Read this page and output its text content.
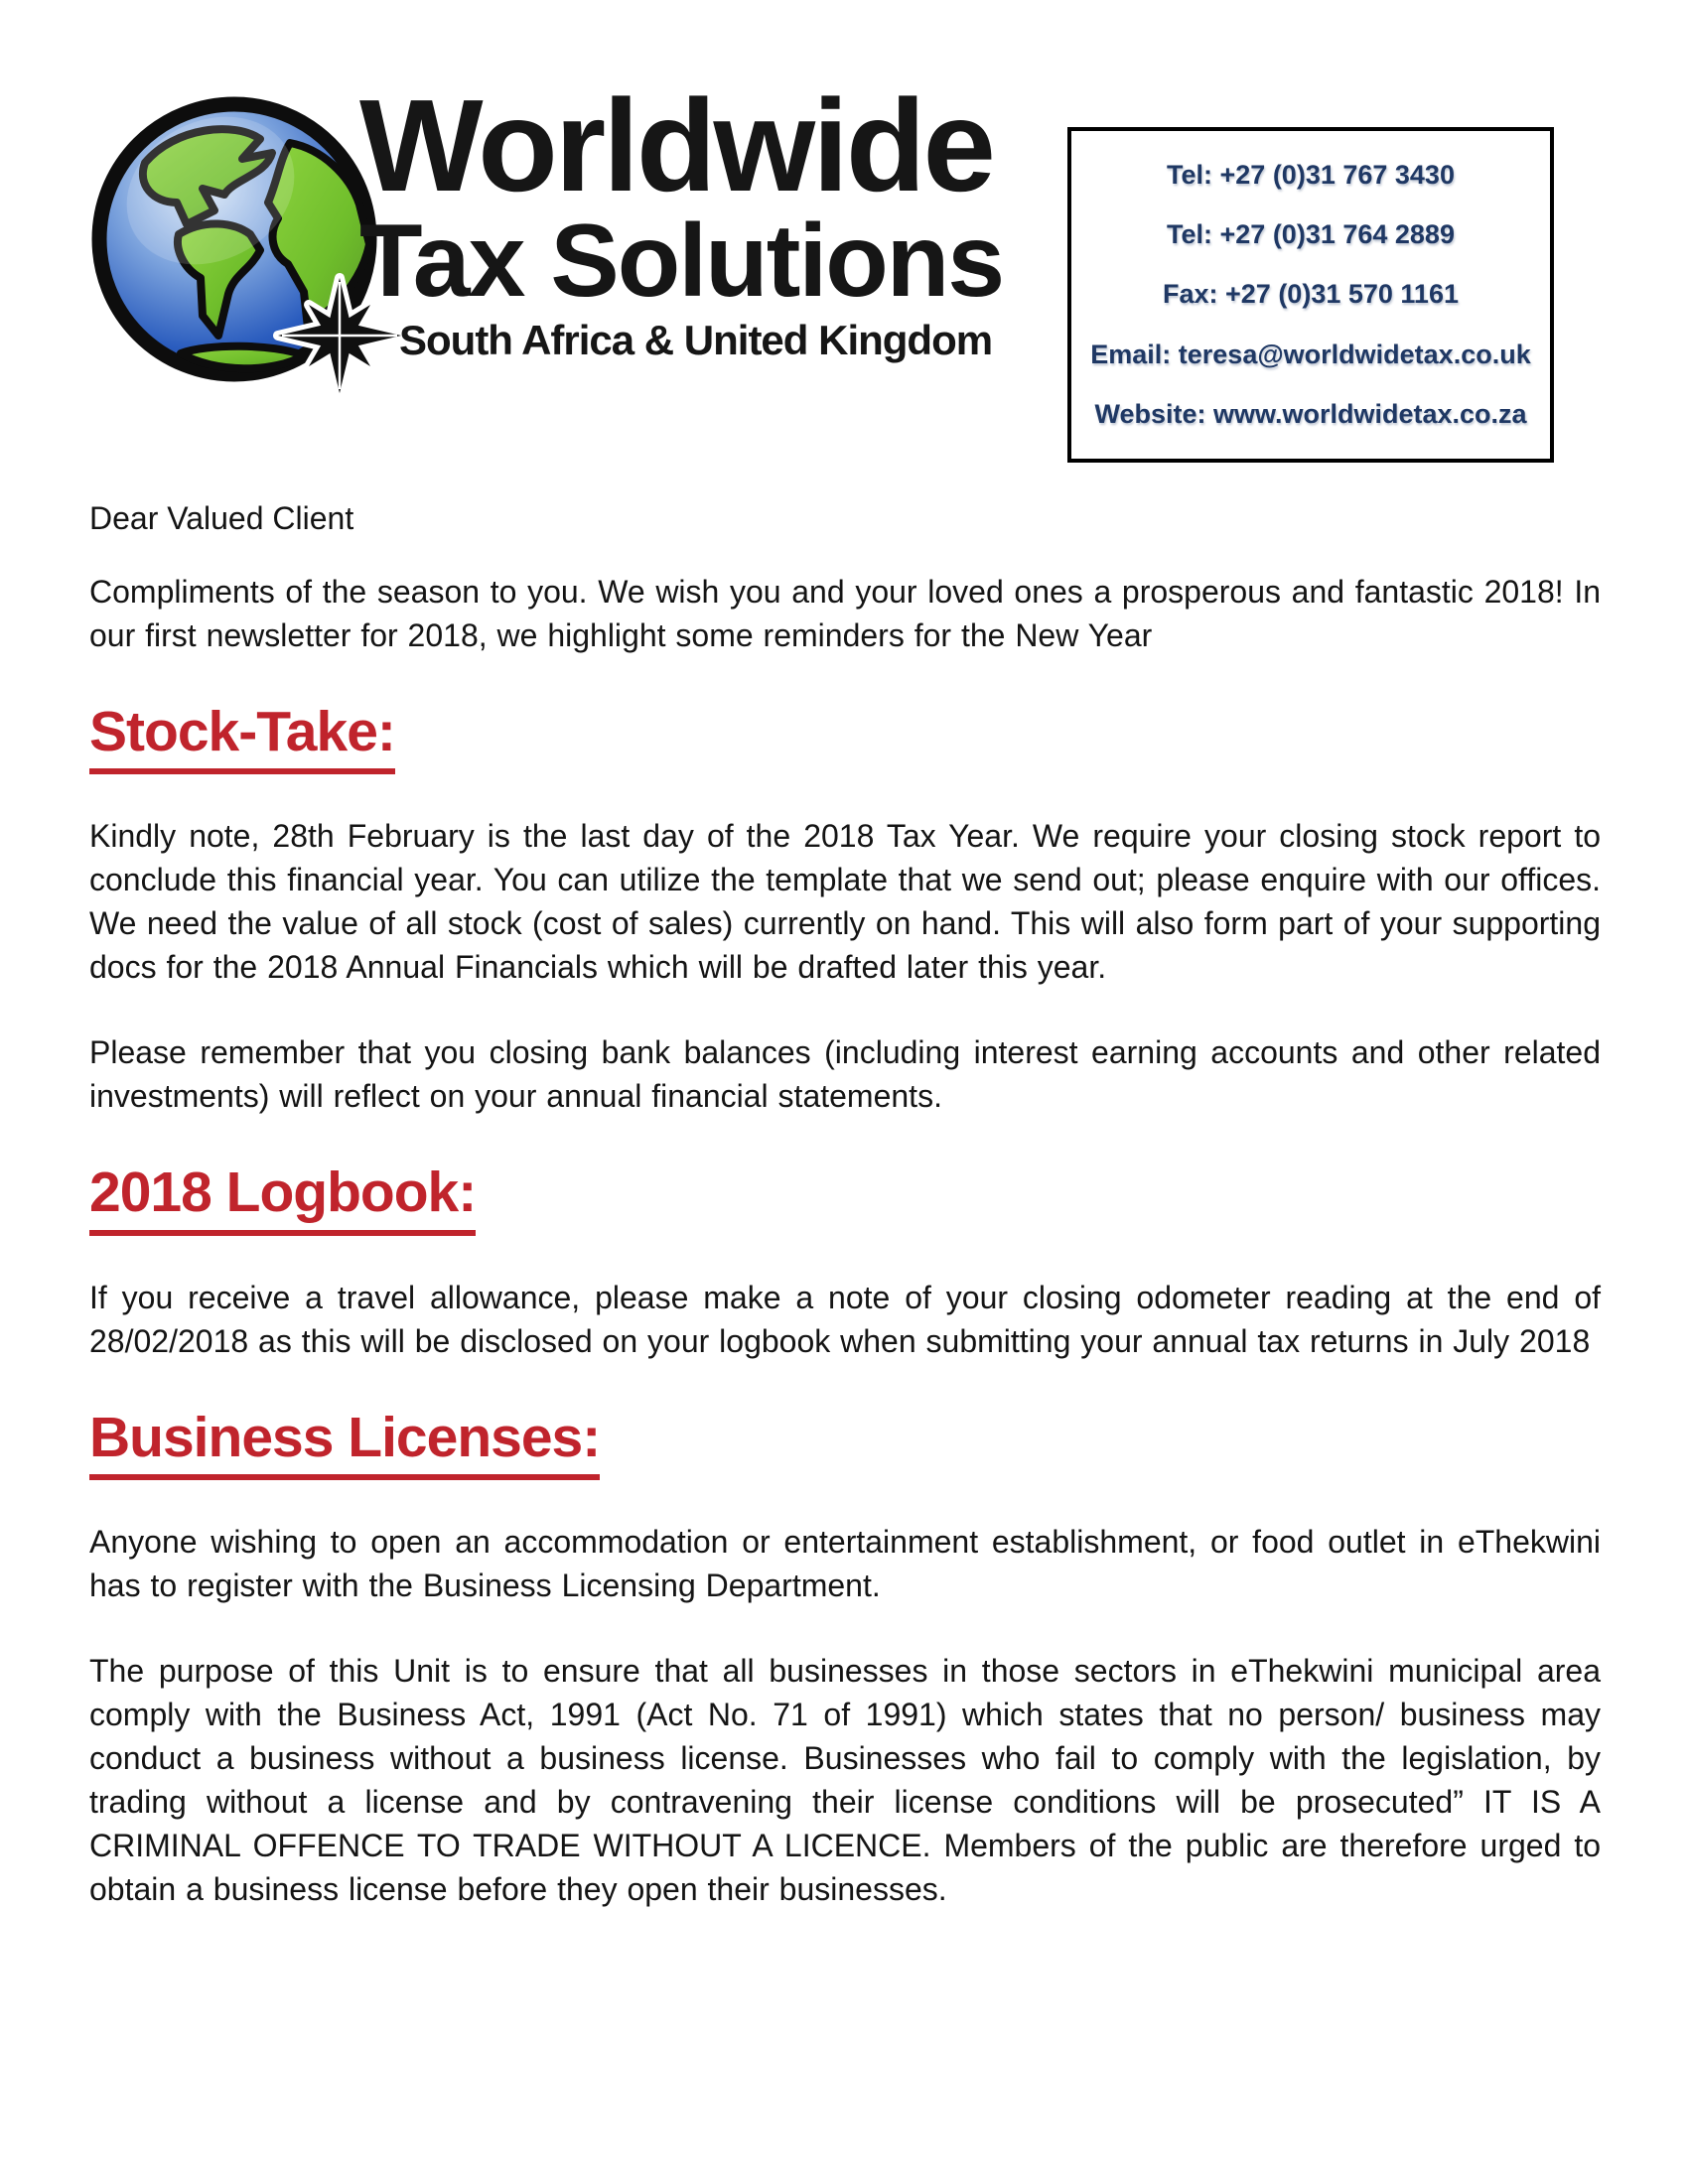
Worldwide
Tax Solutions
South Africa & United Kingdom
Tel: +27 (0)31 767 3430
Tel: +27 (0)31 764 2889
Fax: +27 (0)31 570 1161
Email: teresa@worldwidetax.co.uk
Website: www.worldwidetax.co.za

Dear Valued Client

Compliments of the season to you. We wish you and your loved ones a prosperous and fantastic 2018! In our first newsletter for 2018, we highlight some reminders for the New Year

Stock-Take:

Kindly note, 28th February is the last day of the 2018 Tax Year. We require your closing stock report to conclude this financial year. You can utilize the template that we send out; please enquire with our offices. We need the value of all stock (cost of sales) currently on hand. This will also form part of your supporting docs for the 2018 Annual Financials which will be drafted later this year.

Please remember that you closing bank balances (including interest earning accounts and other related investments) will reflect on your annual financial statements.

2018 Logbook:

If you receive a travel allowance, please make a note of your closing odometer reading at the end of 28/02/2018 as this will be disclosed on your logbook when submitting your annual tax returns in July 2018

Business Licenses:

Anyone wishing to open an accommodation or entertainment establishment, or food outlet in eThekwini has to register with the Business Licensing Department.

The purpose of this Unit is to ensure that all businesses in those sectors in eThekwini municipal area comply with the Business Act, 1991 (Act No. 71 of 1991) which states that no person/ business may conduct a business without a business license. Businesses who fail to comply with the legislation, by trading without a license and by contravening their license conditions will be prosecuted” IT IS A CRIMINAL OFFENCE TO TRADE WITHOUT A LICENCE. Members of the public are therefore urged to obtain a business license before they open their businesses.
